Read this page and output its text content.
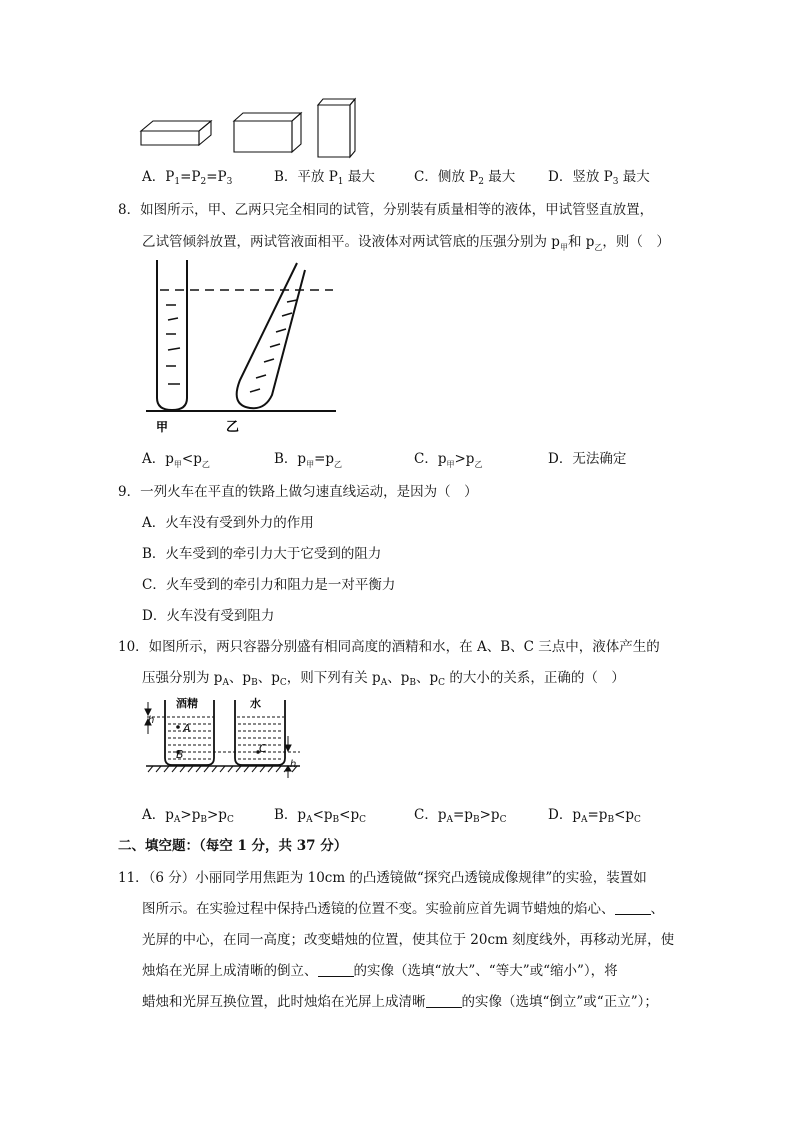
A．$P_1=P_2=P_3$	B．平放 $P_1$ 最大	C．侧放 $P_2$ 最大 D．竖放 $P_3$ 最大
8．如图所示，甲、乙两只完全相同的试管，分别装有质量相等的液体，甲试管竖直放置，
乙试管倾斜放置，两试管液面相平。设液体对两试管底的压强分别为 $p_甲$和 $p_乙$，则（　）
甲	乙
A．$p_甲<p_乙$	B．$p_甲=p_乙$	C．$p_甲>p_乙$	D．无法确定
9．一列火车在平直的铁路上做匀速直线运动，是因为（　）
A．火车没有受到外力的作用
B．火车受到的牵引力大于它受到的阻力
C．火车受到的牵引力和阻力是一对平衡力
D．火车没有受到阻力
10．如图所示，两只容器分别盛有相同高度的酒精和水，在 A、B、C 三点中，液体产生的
压强分别为 $p_A$、$p_B$、$p_C$，则下列有关 $p_A$、$p_B$、$p_C$ 的大小的关系，正确的（　）
酒精	水
h
h
A
B	C
A．$p_A>p_B>p_C$	B．$p_A<p_B<p_C$	C．$p_A=p_B>p_C$	D．$p_A=p_B<p_C$
二、填空题：（每空 1 分，共 37 分）
11．（6 分）小丽同学用焦距为 10cm 的凸透镜做“探究凸透镜成像规律”的实验，装置如
图所示。在实验过程中保持凸透镜的位置不变。实验前应首先调节蜡烛的焰心、	、
光屏的中心，在同一高度；改变蜡烛的位置，使其位于 20cm 刻度线外，再移动光屏，使
烛焰在光屏上成清晰的倒立、	的实像（选填“放大”、“等大”或“缩小”），将
蜡烛和光屏互换位置，此时烛焰在光屏上成清晰	的实像（选填“倒立”或“正立”）；
